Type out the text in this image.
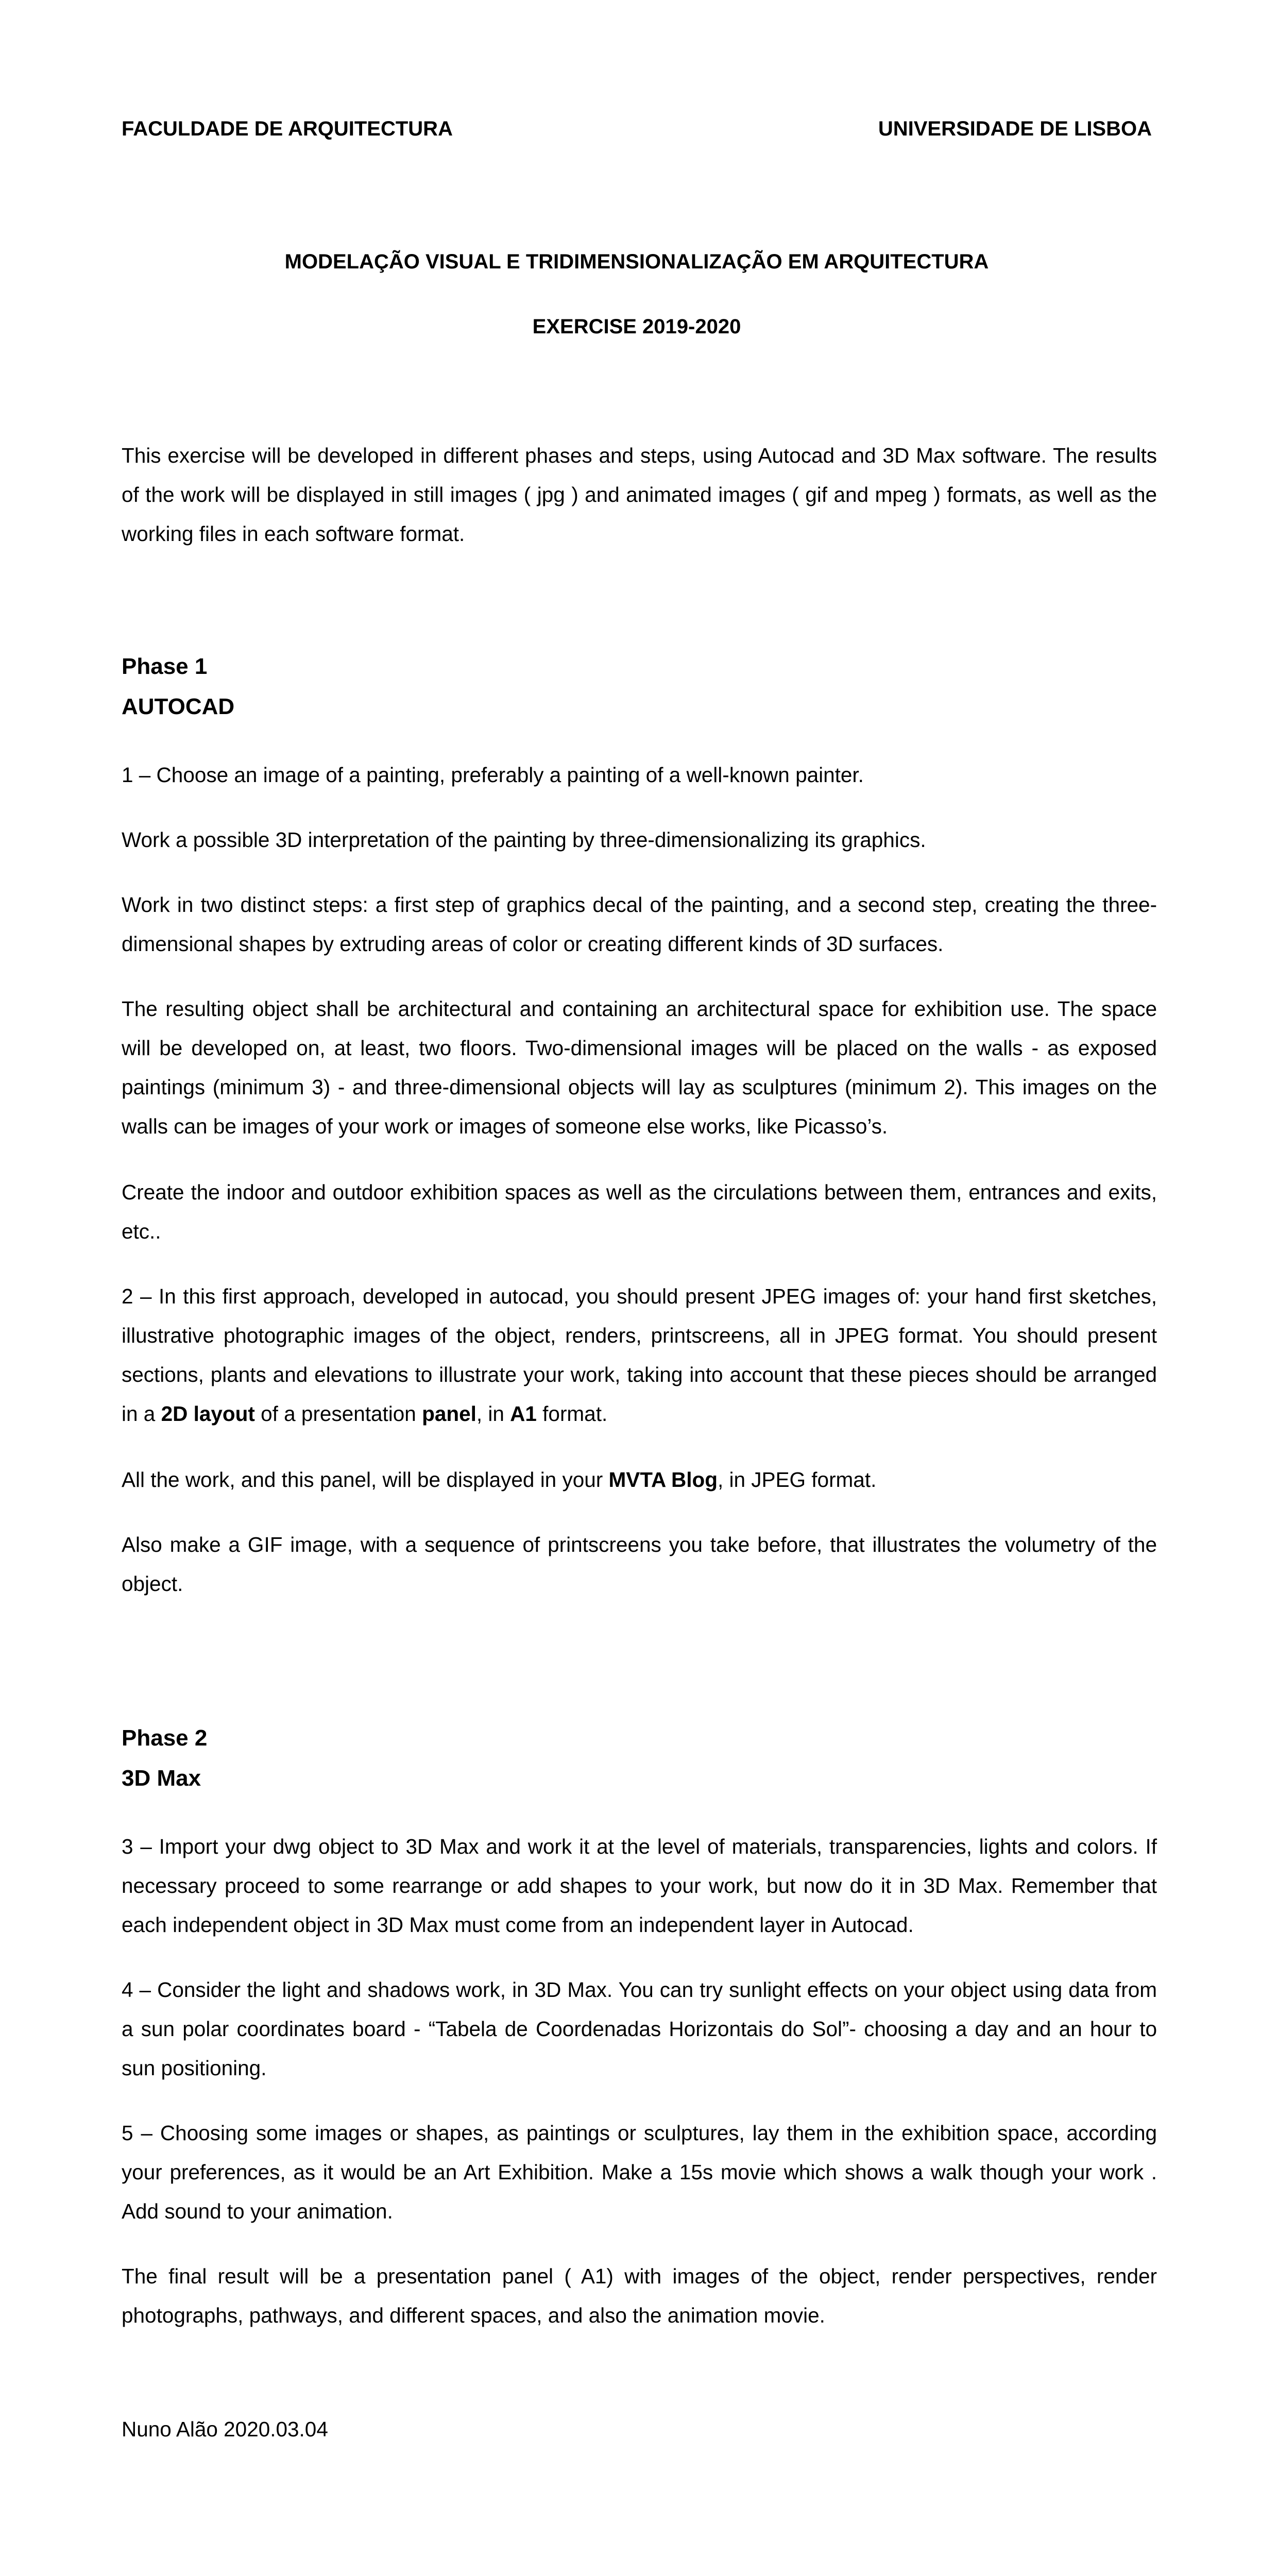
FACULDADE DE ARQUITECTURA	UNIVERSIDADE DE LISBOA
MODELAÇÃO VISUAL E TRIDIMENSIONALIZAÇÃO EM ARQUITECTURA
EXERCISE 2019-2020

This exercise will be developed in different phases and steps, using Autocad and 3D Max software. The results of the work will be displayed in still images ( jpg ) and animated images ( gif and mpeg ) formats, as well as the working files in each software format.

Phase 1
AUTOCAD

1 – Choose an image of a painting, preferably a painting of a well-known painter.

Work a possible 3D interpretation of the painting by three-dimensionalizing its graphics.

Work in two distinct steps: a first step of graphics decal of the painting, and a second step, creating the three-dimensional shapes by extruding areas of color or creating different kinds of 3D surfaces.

The resulting object shall be architectural and containing an architectural space for exhibition use. The space will be developed on, at least, two floors. Two-dimensional images will be placed on the walls - as exposed paintings (minimum 3) - and three-dimensional objects will lay as sculptures (minimum 2). This images on the walls can be images of your work or images of someone else works, like Picasso’s.

Create the indoor and outdoor exhibition spaces as well as the circulations between them, entrances and exits, etc..

2 – In this first approach, developed in autocad, you should present JPEG images of: your hand first sketches, illustrative photographic images of the object, renders, printscreens, all in JPEG format. You should present sections, plants and elevations to illustrate your work, taking into account that these pieces should be arranged in a 2D layout of a presentation panel, in A1 format.

All the work, and this panel, will be displayed in your MVTA Blog, in JPEG format.

Also make a GIF image, with a sequence of printscreens you take before, that illustrates the volumetry of the object.

Phase 2
3D Max

3 – Import your dwg object to 3D Max and work it at the level of materials, transparencies, lights and colors. If necessary proceed to some rearrange or add shapes to your work, but now do it in 3D Max. Remember that each independent object in 3D Max must come from an independent layer in Autocad.

4 – Consider the light and shadows work, in 3D Max. You can try sunlight effects on your object using data from a sun polar coordinates board - “Tabela de Coordenadas Horizontais do Sol”- choosing a day and an hour to sun positioning.

5 – Choosing some images or shapes, as paintings or sculptures, lay them in the exhibition space, according your preferences, as it would be an Art Exhibition. Make a 15s movie which shows a walk though your work . Add sound to your animation.

The final result will be a presentation panel ( A1) with images of the object, render perspectives, render photographs, pathways, and different spaces, and also the animation movie.

Nuno Alão 2020.03.04
